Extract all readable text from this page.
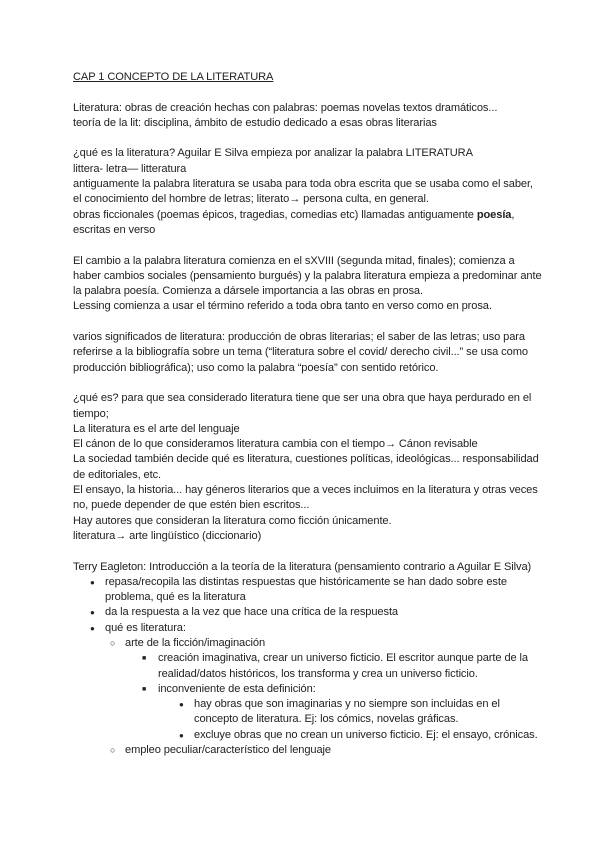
CAP 1 CONCEPTO DE LA LITERATURA

Literatura: obras de creación hechas con palabras: poemas novelas textos dramáticos...

teoría de la lit: disciplina, ámbito de estudio dedicado a esas obras literarias

¿qué es la literatura? Aguilar E Silva empieza por analizar la palabra LITERATURA

littera- letra— litteratura

antiguamente la palabra literatura se usaba para toda obra escrita que se usaba como el saber, el conocimiento del hombre de letras; literato→ persona culta, en general.

obras ficcionales (poemas épicos, tragedias, comedias etc) llamadas antiguamente poesía, escritas en verso

El cambio a la palabra literatura comienza en el sXVIII (segunda mitad, finales); comienza a haber cambios sociales (pensamiento burgués) y la palabra literatura empieza a predominar ante la palabra poesía. Comienza a dársele importancia a las obras en prosa.

Lessing comienza a usar el término referido a toda obra tanto en verso como en prosa.

varios significados de literatura: producción de obras literarias; el saber de las letras; uso para referirse a la bibliografía sobre un tema (“literatura sobre el covid/ derecho civil...” se usa como producción bibliográfica); uso como la palabra “poesía” con sentido retórico.

¿qué es? para que sea considerado literatura tiene que ser una obra que haya perdurado en el tiempo;

La literatura es el arte del lenguaje

El cánon de lo que consideramos literatura cambia con el tiempo→ Cánon revisable

La sociedad también decide qué es literatura, cuestiones políticas, ideológicas... responsabilidad de editoriales, etc.

El ensayo, la historia... hay géneros literarios que a veces incluimos en la literatura y otras veces no, puede depender de que estén bien escritos...

Hay autores que consideran la literatura como ficción únicamente.

literatura→ arte lingüístico (diccionario)

Terry Eagleton: Introducción a la teoría de la literatura (pensamiento contrario a Aguilar E Silva)

● repasa/recopila las distintas respuestas que históricamente se han dado sobre este problema, qué es la literatura
● da la respuesta a la vez que hace una crítica de la respuesta
● qué es literatura:
○ arte de la ficción/imaginación
■ creación imaginativa, crear un universo ficticio. El escritor aunque parte de la realidad/datos históricos, los transforma y crea un universo ficticio.
■ inconveniente de esta definición:
● hay obras que son imaginarias y no siempre son incluidas en el concepto de literatura. Ej: los cómics, novelas gráficas.
● excluye obras que no crean un universo ficticio. Ej: el ensayo, crónicas.
○ empleo peculiar/característico del lenguaje
